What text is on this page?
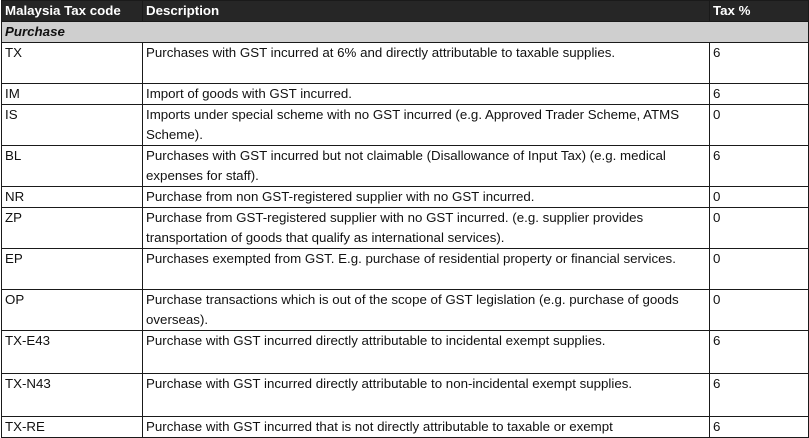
Malaysia Tax code	Description	Tax %
Purchase		
TX	Purchases with GST incurred at 6% and directly attributable to taxable supplies.	6
IM	Import of goods with GST incurred.	6
IS	Imports under special scheme with no GST incurred (e.g. Approved Trader Scheme, ATMS Scheme).	0
BL	Purchases with GST incurred but not claimable (Disallowance of Input Tax) (e.g. medical expenses for staff).	6
NR	Purchase from non GST-registered supplier with no GST incurred.	0
ZP	Purchase from GST-registered supplier with no GST incurred. (e.g. supplier provides transportation of goods that qualify as international services).	0
EP	Purchases exempted from GST. E.g. purchase of residential property or financial services.	0
OP	Purchase transactions which is out of the scope of GST legislation (e.g. purchase of goods overseas).	0
TX-E43	Purchase with GST incurred directly attributable to incidental exempt supplies.	6
TX-N43	Purchase with GST incurred directly attributable to non-incidental exempt supplies.	6
TX-RE	Purchase with GST incurred that is not directly attributable to taxable or exempt	6
